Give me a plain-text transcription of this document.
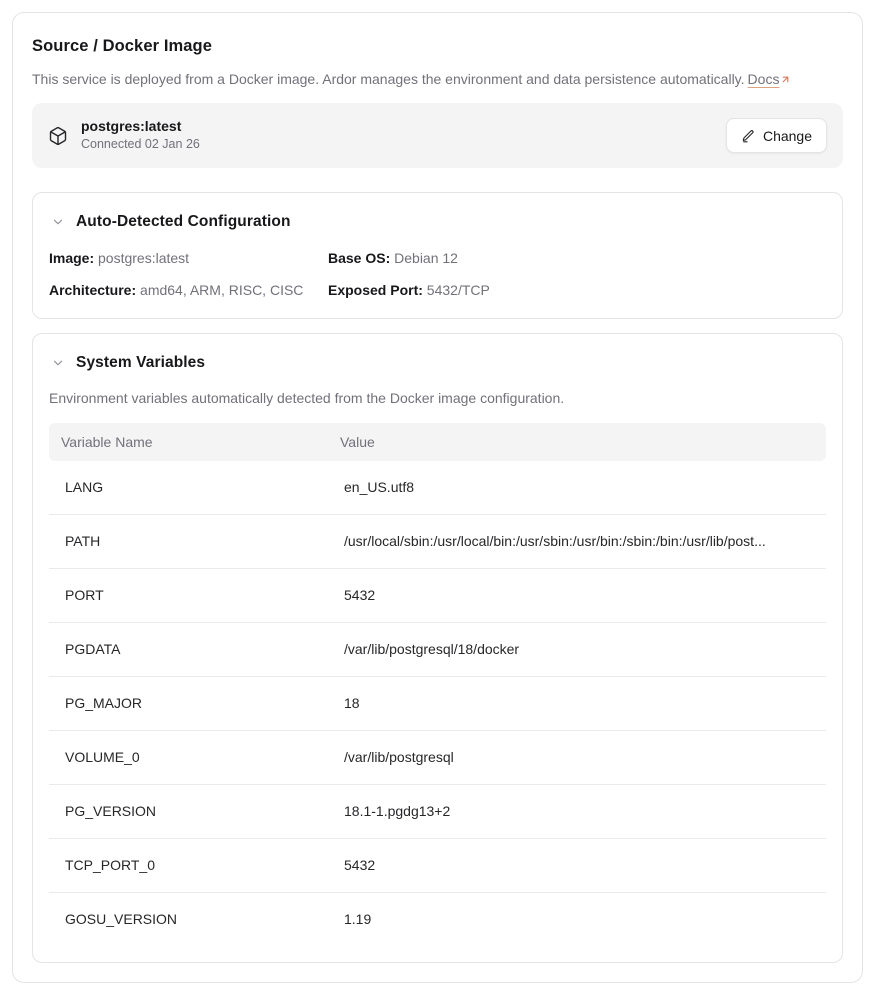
Source / Docker Image

This service is deployed from a Docker image. Ardor manages the environment and data persistence automatically. Docs

postgres:latest
Connected 02 Jan 26
Change
Auto-Detected Configuration
Image: postgres:latest	Base OS: Debian 12
Architecture: amd64, ARM, RISC, CISC	Exposed Port: 5432/TCP
System Variables

Environment variables automatically detected from the Docker image configuration.

Variable Name	Value
LANG	en_US.utf8
PATH	/usr/local/sbin:/usr/local/bin:/usr/sbin:/usr/bin:/sbin:/bin:/usr/lib/post...
PORT	5432
PGDATA	/var/lib/postgresql/18/docker
PG_MAJOR	18
VOLUME_0	/var/lib/postgresql
PG_VERSION	18.1-1.pgdg13+2
TCP_PORT_0	5432
GOSU_VERSION	1.19
